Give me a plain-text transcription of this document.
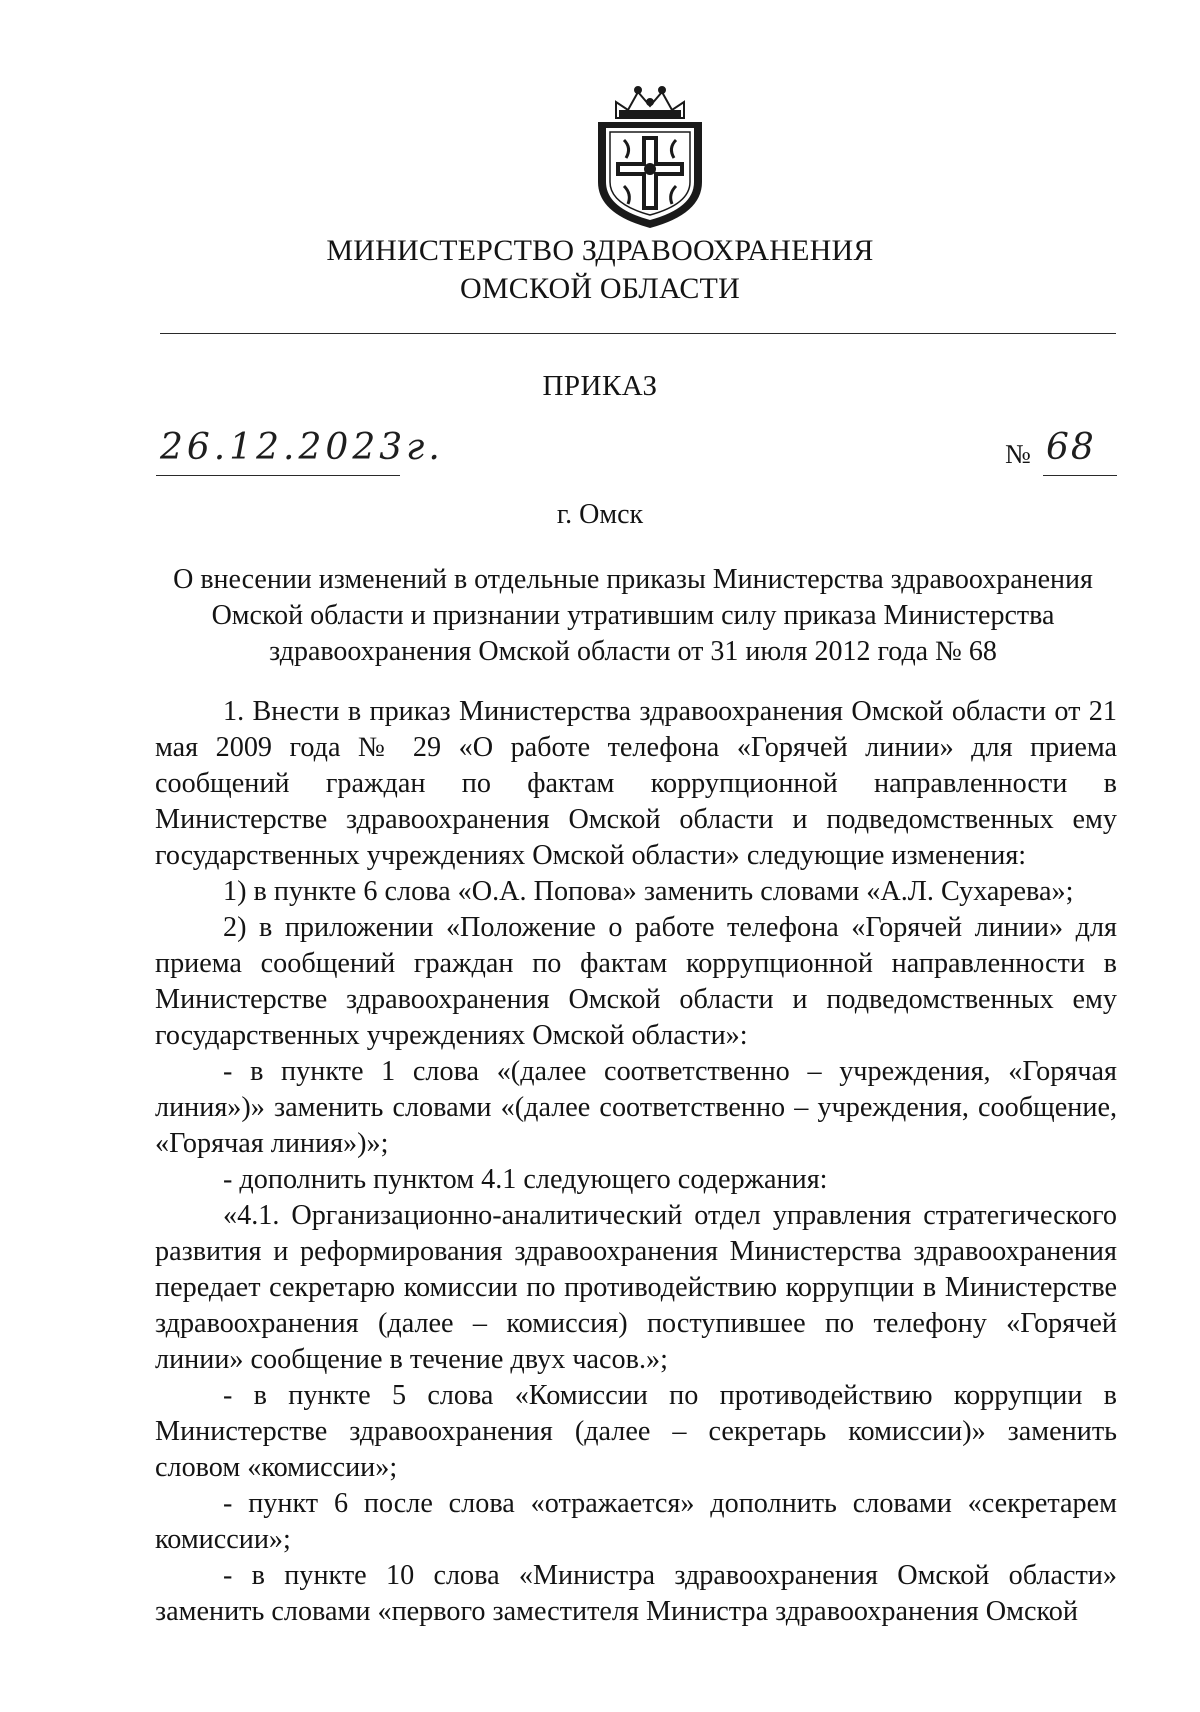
МИНИСТЕРСТВО ЗДРАВООХРАНЕНИЯ
ОМСКОЙ ОБЛАСТИ
ПРИКАЗ
26.12.2023г.	№ 68
г. Омск
О внесении изменений в отдельные приказы Министерства здравоохранения Омской области и признании утратившим силу приказа Министерства здравоохранения Омской области от 31 июля 2012 года № 68

1. Внести в приказ Министерства здравоохранения Омской области от 21 мая 2009 года № 29 «О работе телефона «Горячей линии» для приема сообщений граждан по фактам коррупционной направленности в Министерстве здравоохранения Омской области и подведомственных ему государственных учреждениях Омской области» следующие изменения:

1) в пункте 6 слова «О.А. Попова» заменить словами «А.Л. Сухарева»;

2) в приложении «Положение о работе телефона «Горячей линии» для приема сообщений граждан по фактам коррупционной направленности в Министерстве здравоохранения Омской области и подведомственных ему государственных учреждениях Омской области»:

- в пункте 1 слова «(далее соответственно – учреждения, «Горячая линия»)» заменить словами «(далее соответственно – учреждения, сообщение, «Горячая линия»)»;

- дополнить пунктом 4.1 следующего содержания:

«4.1. Организационно-аналитический отдел управления стратегического развития и реформирования здравоохранения Министерства здравоохранения передает секретарю комиссии по противодействию коррупции в Министерстве здравоохранения (далее – комиссия) поступившее по телефону «Горячей линии» сообщение в течение двух часов.»;

- в пункте 5 слова «Комиссии по противодействию коррупции в Министерстве здравоохранения (далее – секретарь комиссии)» заменить словом «комиссии»;

- пункт 6 после слова «отражается» дополнить словами «секретарем комиссии»;

- в пункте 10 слова «Министра здравоохранения Омской области» заменить словами «первого заместителя Министра здравоохранения Омской
